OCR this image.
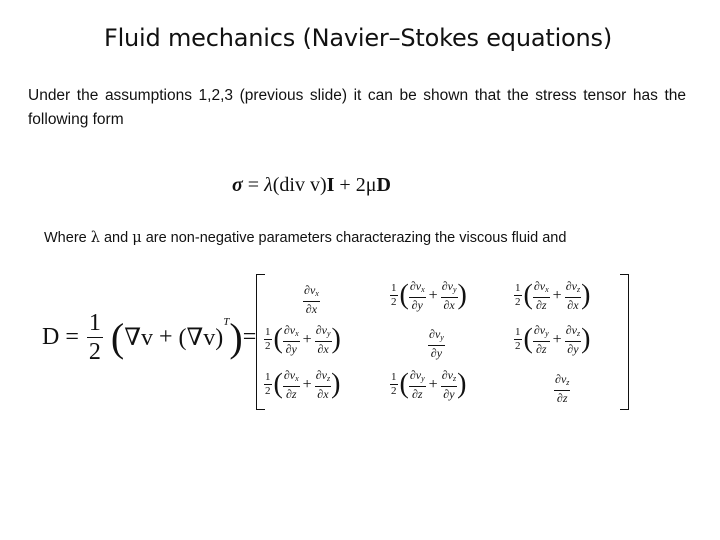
Fluid mechanics (Navier–Stokes equations)
Under the assumptions 1,2,3 (previous slide) it can be shown that the stress tensor has the following form
σ = λ(div v)I + 2μD
Where λ and μ are non-negative parameters characterazing the viscous fluid and
$D = \frac{1}{2} (\nabla v + (\nabla v)^T)=$
$\frac{\partial v_x}{\partial x}$	$\frac{1}{2}$ ( $\frac{\partial v_x}{\partial y} + \frac{\partial v_y}{\partial x}$ )	$\frac{1}{2}$ ( $\frac{\partial v_x}{\partial z} + \frac{\partial v_z}{\partial x}$ )
$\frac{1}{2}$ ( $\frac{\partial v_x}{\partial y} + \frac{\partial v_y}{\partial x}$ )	$\frac{\partial v_y}{\partial y}$	$\frac{1}{2}$ ( $\frac{\partial v_y}{\partial z} + \frac{\partial v_z}{\partial y}$ )
$\frac{1}{2}$ ( $\frac{\partial v_x}{\partial z} + \frac{\partial v_z}{\partial x}$ )	$\frac{1}{2}$ ( $\frac{\partial v_y}{\partial z} + \frac{\partial v_z}{\partial y}$ )	$\frac{\partial v_z}{\partial z}$
